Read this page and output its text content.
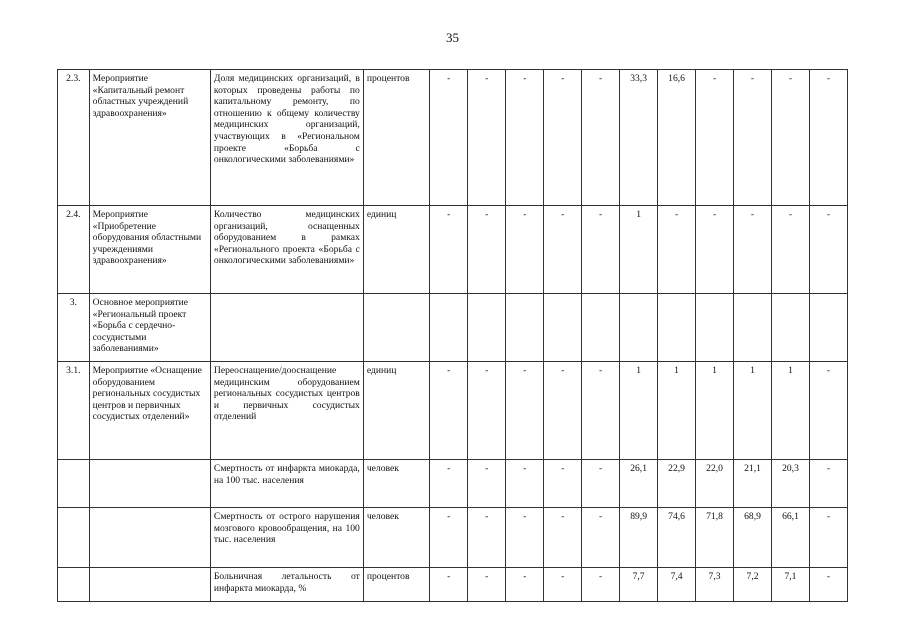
35
2.3.	Мероприятие «Капитальный ремонт областных учреждений здравоохранения»	Доля медицинских организаций, в которых проведены работы по капитальному ремонту, по отношению к общему количеству медицинских организаций, участвующих в «Региональном проекте «Борьба с онкологическими заболеваниями»	процентов	-	-	-	-	-	33,3	16,6	-	-	-	-
2.4.	Мероприятие «Приобретение оборудования областными учреждениями здравоохранения»	Количество медицинских организаций, оснащенных оборудованием в рамках «Регионального проекта «Борьба с онкологическими заболеваниями»	единиц	-	-	-	-	-	1	-	-	-	-	-
3.	Основное мероприятие «Региональный проект «Борьба с сердечно-сосудистыми заболеваниями»													
3.1.	Мероприятие «Оснащение оборудованием региональных сосудистых центров и первичных сосудистых отделений»	Переоснащение/дооснащение медицинским оборудованием региональных сосудистых центров и первичных сосудистых отделений	единиц	-	-	-	-	-	1	1	1	1	1	-
		Смертность от инфаркта миокарда, на 100 тыс. населения	человек	-	-	-	-	-	26,1	22,9	22,0	21,1	20,3	-
		Смертность от острого нарушения мозгового кровообращения, на 100 тыс. населения	человек	-	-	-	-	-	89,9	74,6	71,8	68,9	66,1	-
		Больничная летальность от инфаркта миокарда, %	процентов	-	-	-	-	-	7,7	7,4	7,3	7,2	7,1	-
